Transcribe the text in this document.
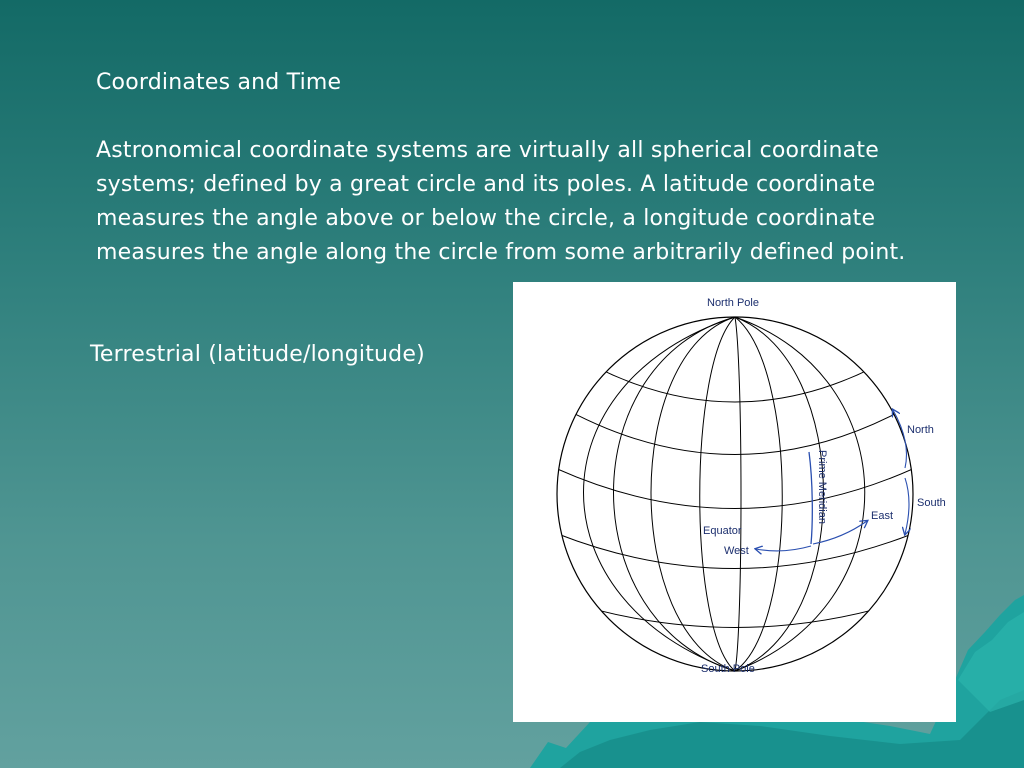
Coordinates and Time
Astronomical coordinate systems are virtually all spherical coordinate systems; defined by a great circle and its poles. A latitude coordinate measures the angle above or below the circle, a longitude coordinate measures the angle along the circle from some arbitrarily defined point.
Terrestrial (latitude/longitude)
North Pole
South Pole
North
South
East
West
Equator
Prime Meridian
